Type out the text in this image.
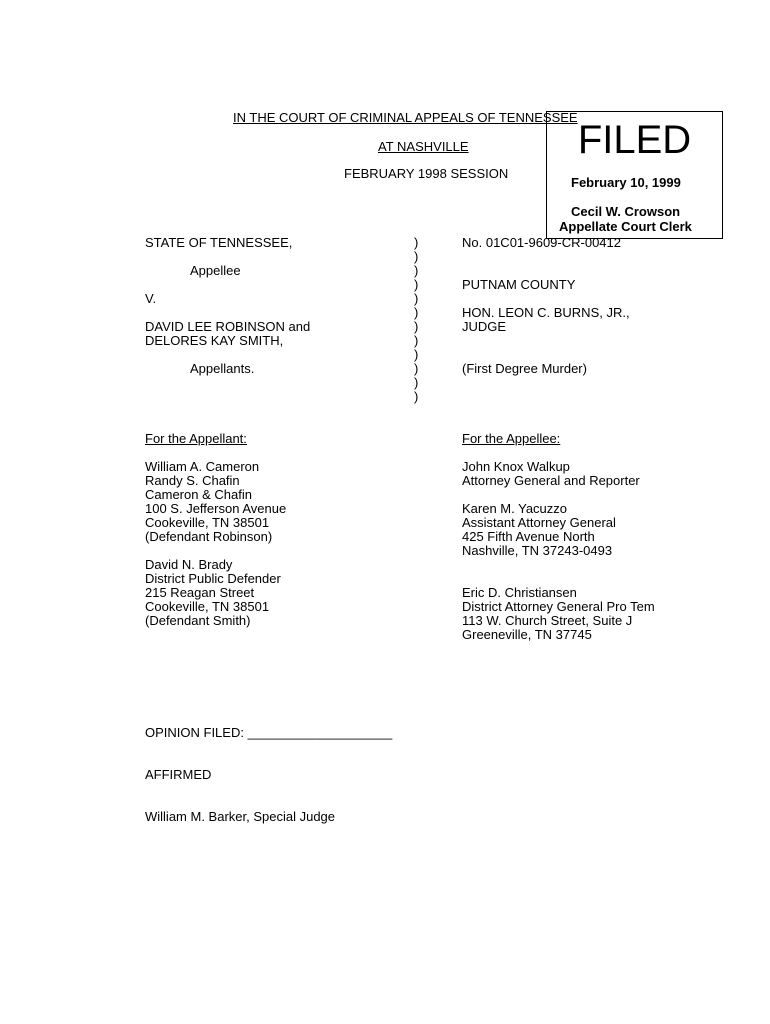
IN THE COURT OF CRIMINAL APPEALS OF TENNESSEE
AT NASHVILLE
FEBRUARY 1998 SESSION
FILED
February 10, 1999
Cecil W. Crowson
Appellate Court Clerk
STATE OF TENNESSEE,
Appellee
V.
DAVID LEE ROBINSON and
DELORES KAY SMITH,
Appellants.
)
)
)
)
)
)
)
)
)
)
)
)
No. 01C01-9609-CR-00412
PUTNAM COUNTY
HON. LEON C. BURNS, JR.,
JUDGE
(First Degree Murder)
For the Appellant:	For the Appellee:
William A. Cameron
Randy S. Chafin
Cameron & Chafin
100 S. Jefferson Avenue
Cookeville, TN 38501
(Defendant Robinson)
David N. Brady
District Public Defender
215 Reagan Street
Cookeville, TN 38501
(Defendant Smith)
John Knox Walkup
Attorney General and Reporter
Karen M. Yacuzzo
Assistant Attorney General
425 Fifth Avenue North
Nashville, TN 37243-0493
Eric D. Christiansen
District Attorney General Pro Tem
113 W. Church Street, Suite J
Greeneville, TN 37745
OPINION FILED: ____________________
AFFIRMED
William M. Barker, Special Judge
